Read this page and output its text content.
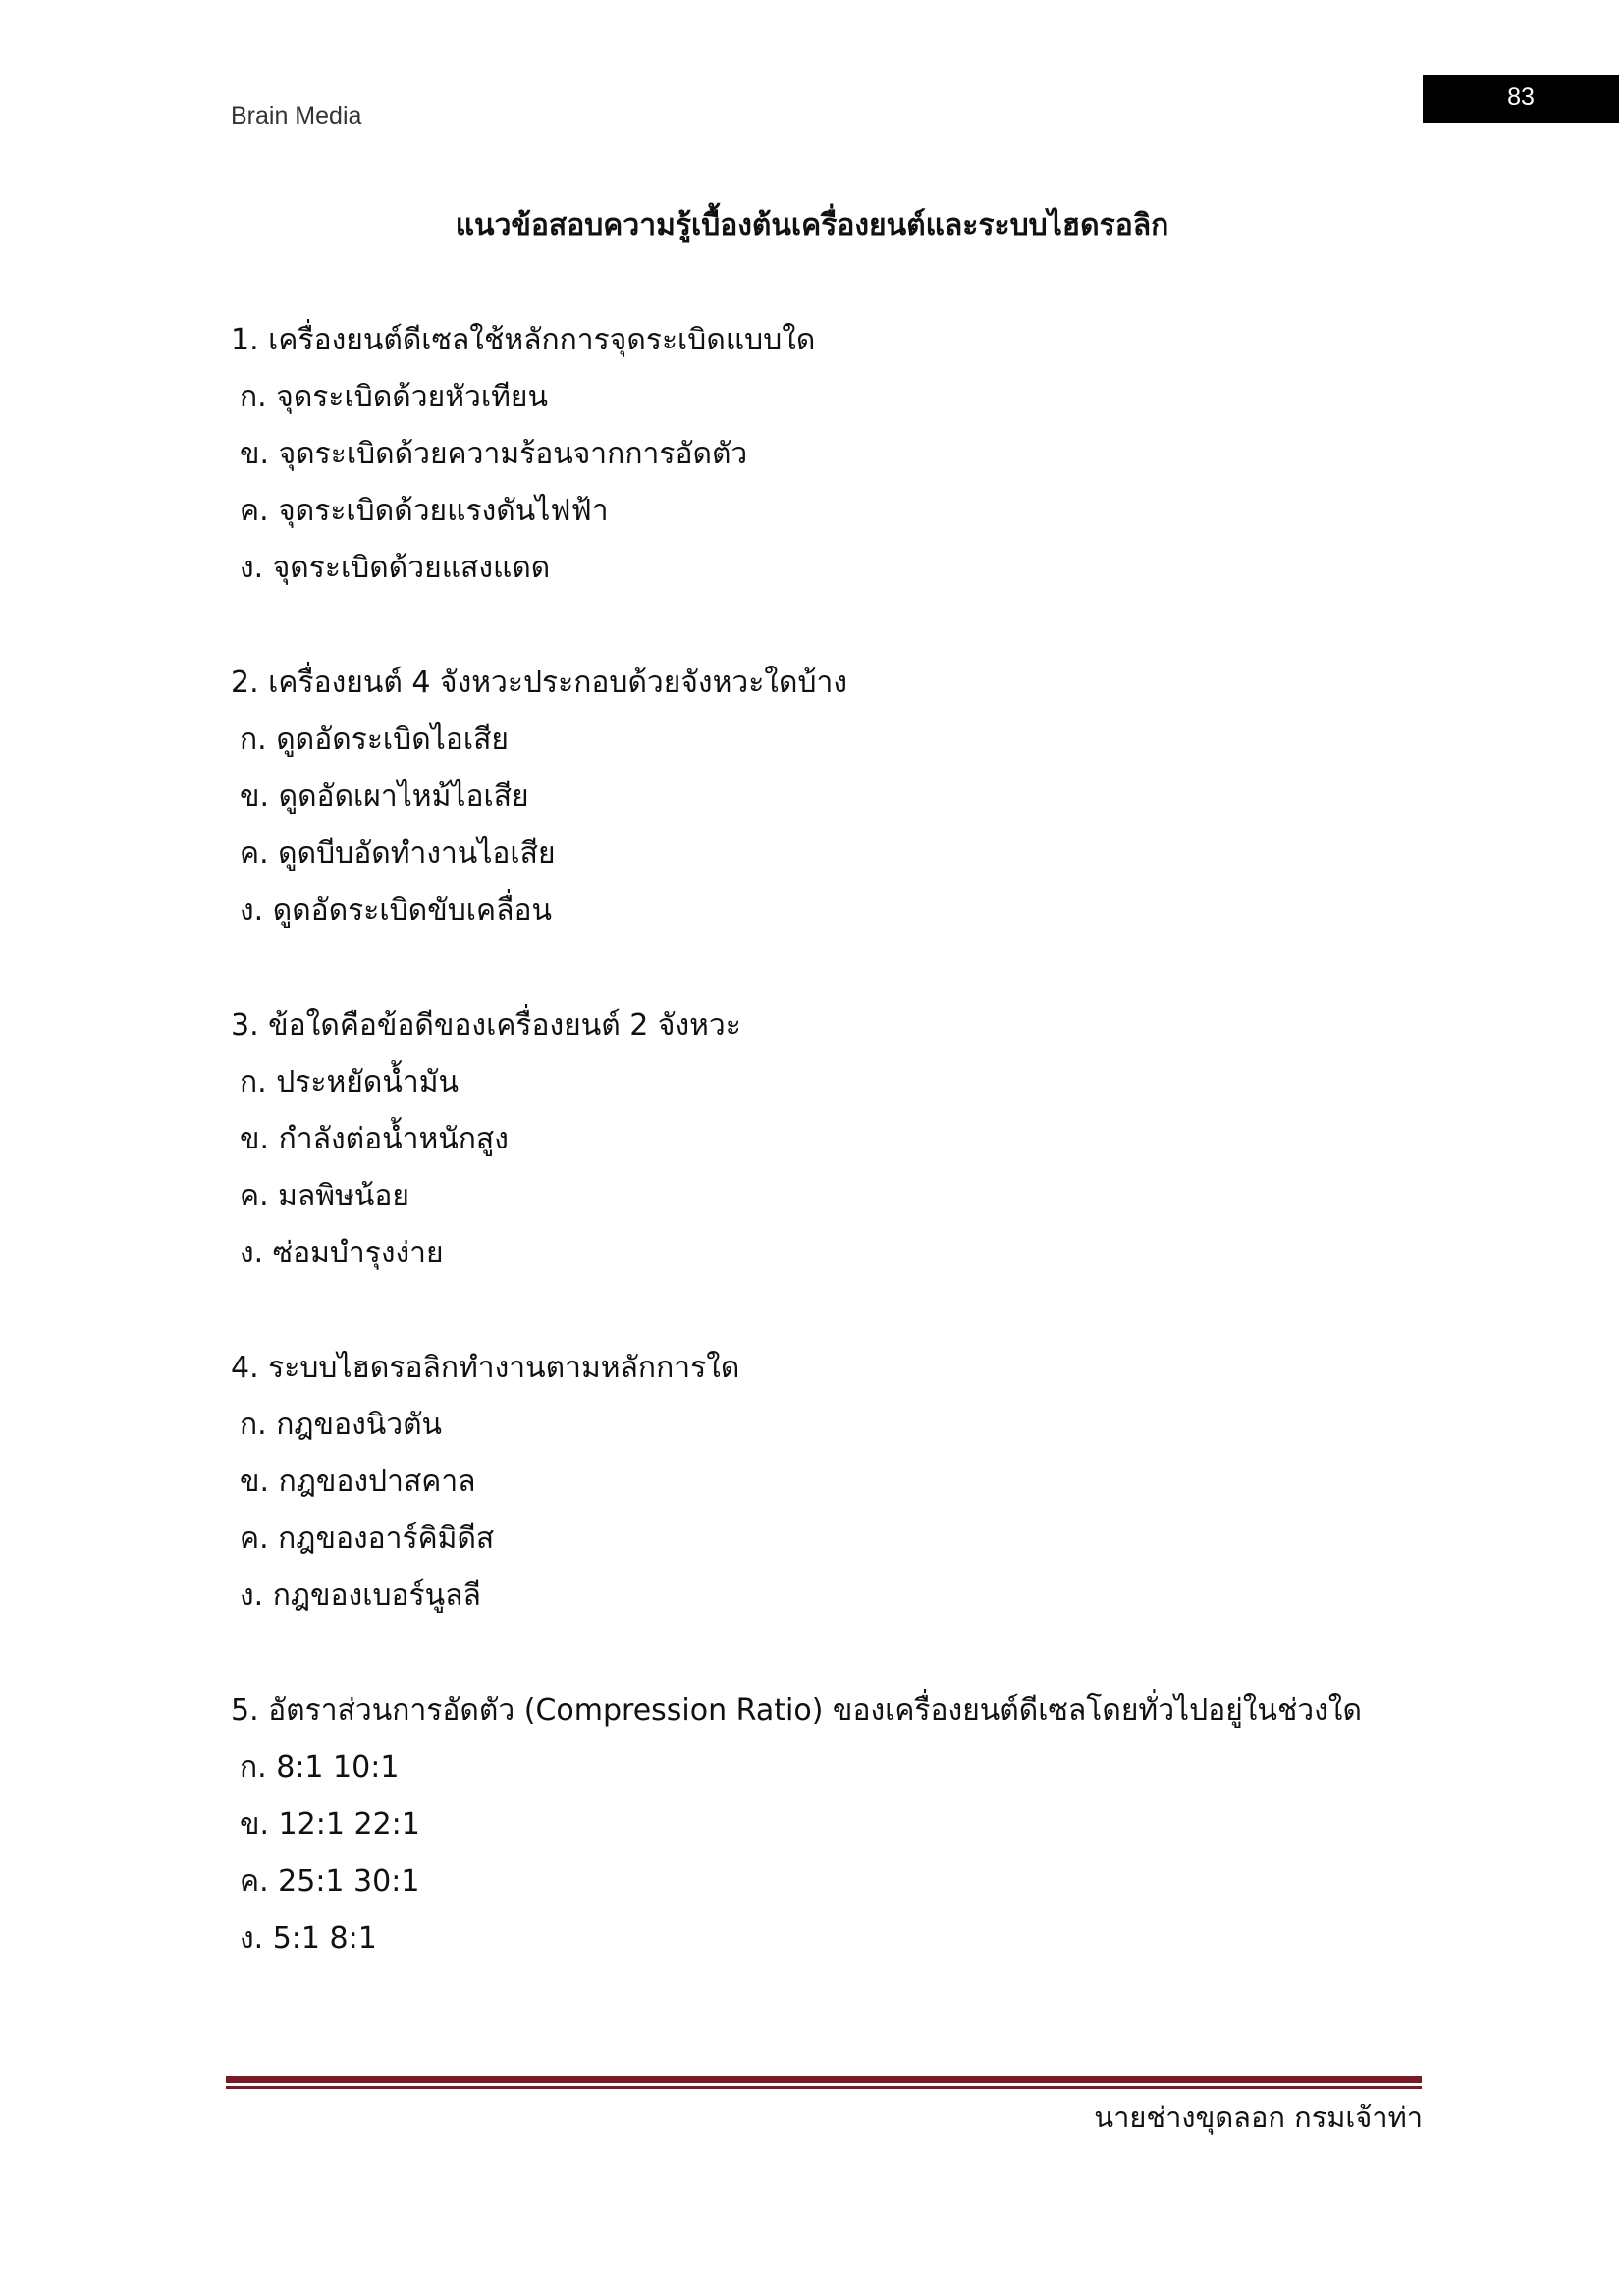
Brain Media
83
แนวข้อสอบความรู้เบื้องต้นเครื่องยนต์และระบบไฮดรอลิก
1. เครื่องยนต์ดีเซลใช้หลักการจุดระเบิดแบบใด
ก. จุดระเบิดด้วยหัวเทียน
ข. จุดระเบิดด้วยความร้อนจากการอัดตัว
ค. จุดระเบิดด้วยแรงดันไฟฟ้า
ง. จุดระเบิดด้วยแสงแดด
2. เครื่องยนต์ 4 จังหวะประกอบด้วยจังหวะใดบ้าง
ก. ดูดอัดระเบิดไอเสีย
ข. ดูดอัดเผาไหม้ไอเสีย
ค. ดูดบีบอัดทำงานไอเสีย
ง. ดูดอัดระเบิดขับเคลื่อน
3. ข้อใดคือข้อดีของเครื่องยนต์ 2 จังหวะ
ก. ประหยัดน้ำมัน
ข. กำลังต่อน้ำหนักสูง
ค. มลพิษน้อย
ง. ซ่อมบำรุงง่าย
4. ระบบไฮดรอลิกทำงานตามหลักการใด
ก. กฎของนิวตัน
ข. กฎของปาสคาล
ค. กฎของอาร์คิมิดีส
ง. กฎของเบอร์นูลลี
5. อัตราส่วนการอัดตัว (Compression Ratio) ของเครื่องยนต์ดีเซลโดยทั่วไปอยู่ในช่วงใด
ก. 8:1 10:1
ข. 12:1 22:1
ค. 25:1 30:1
ง. 5:1 8:1
นายช่างขุดลอก กรมเจ้าท่า
